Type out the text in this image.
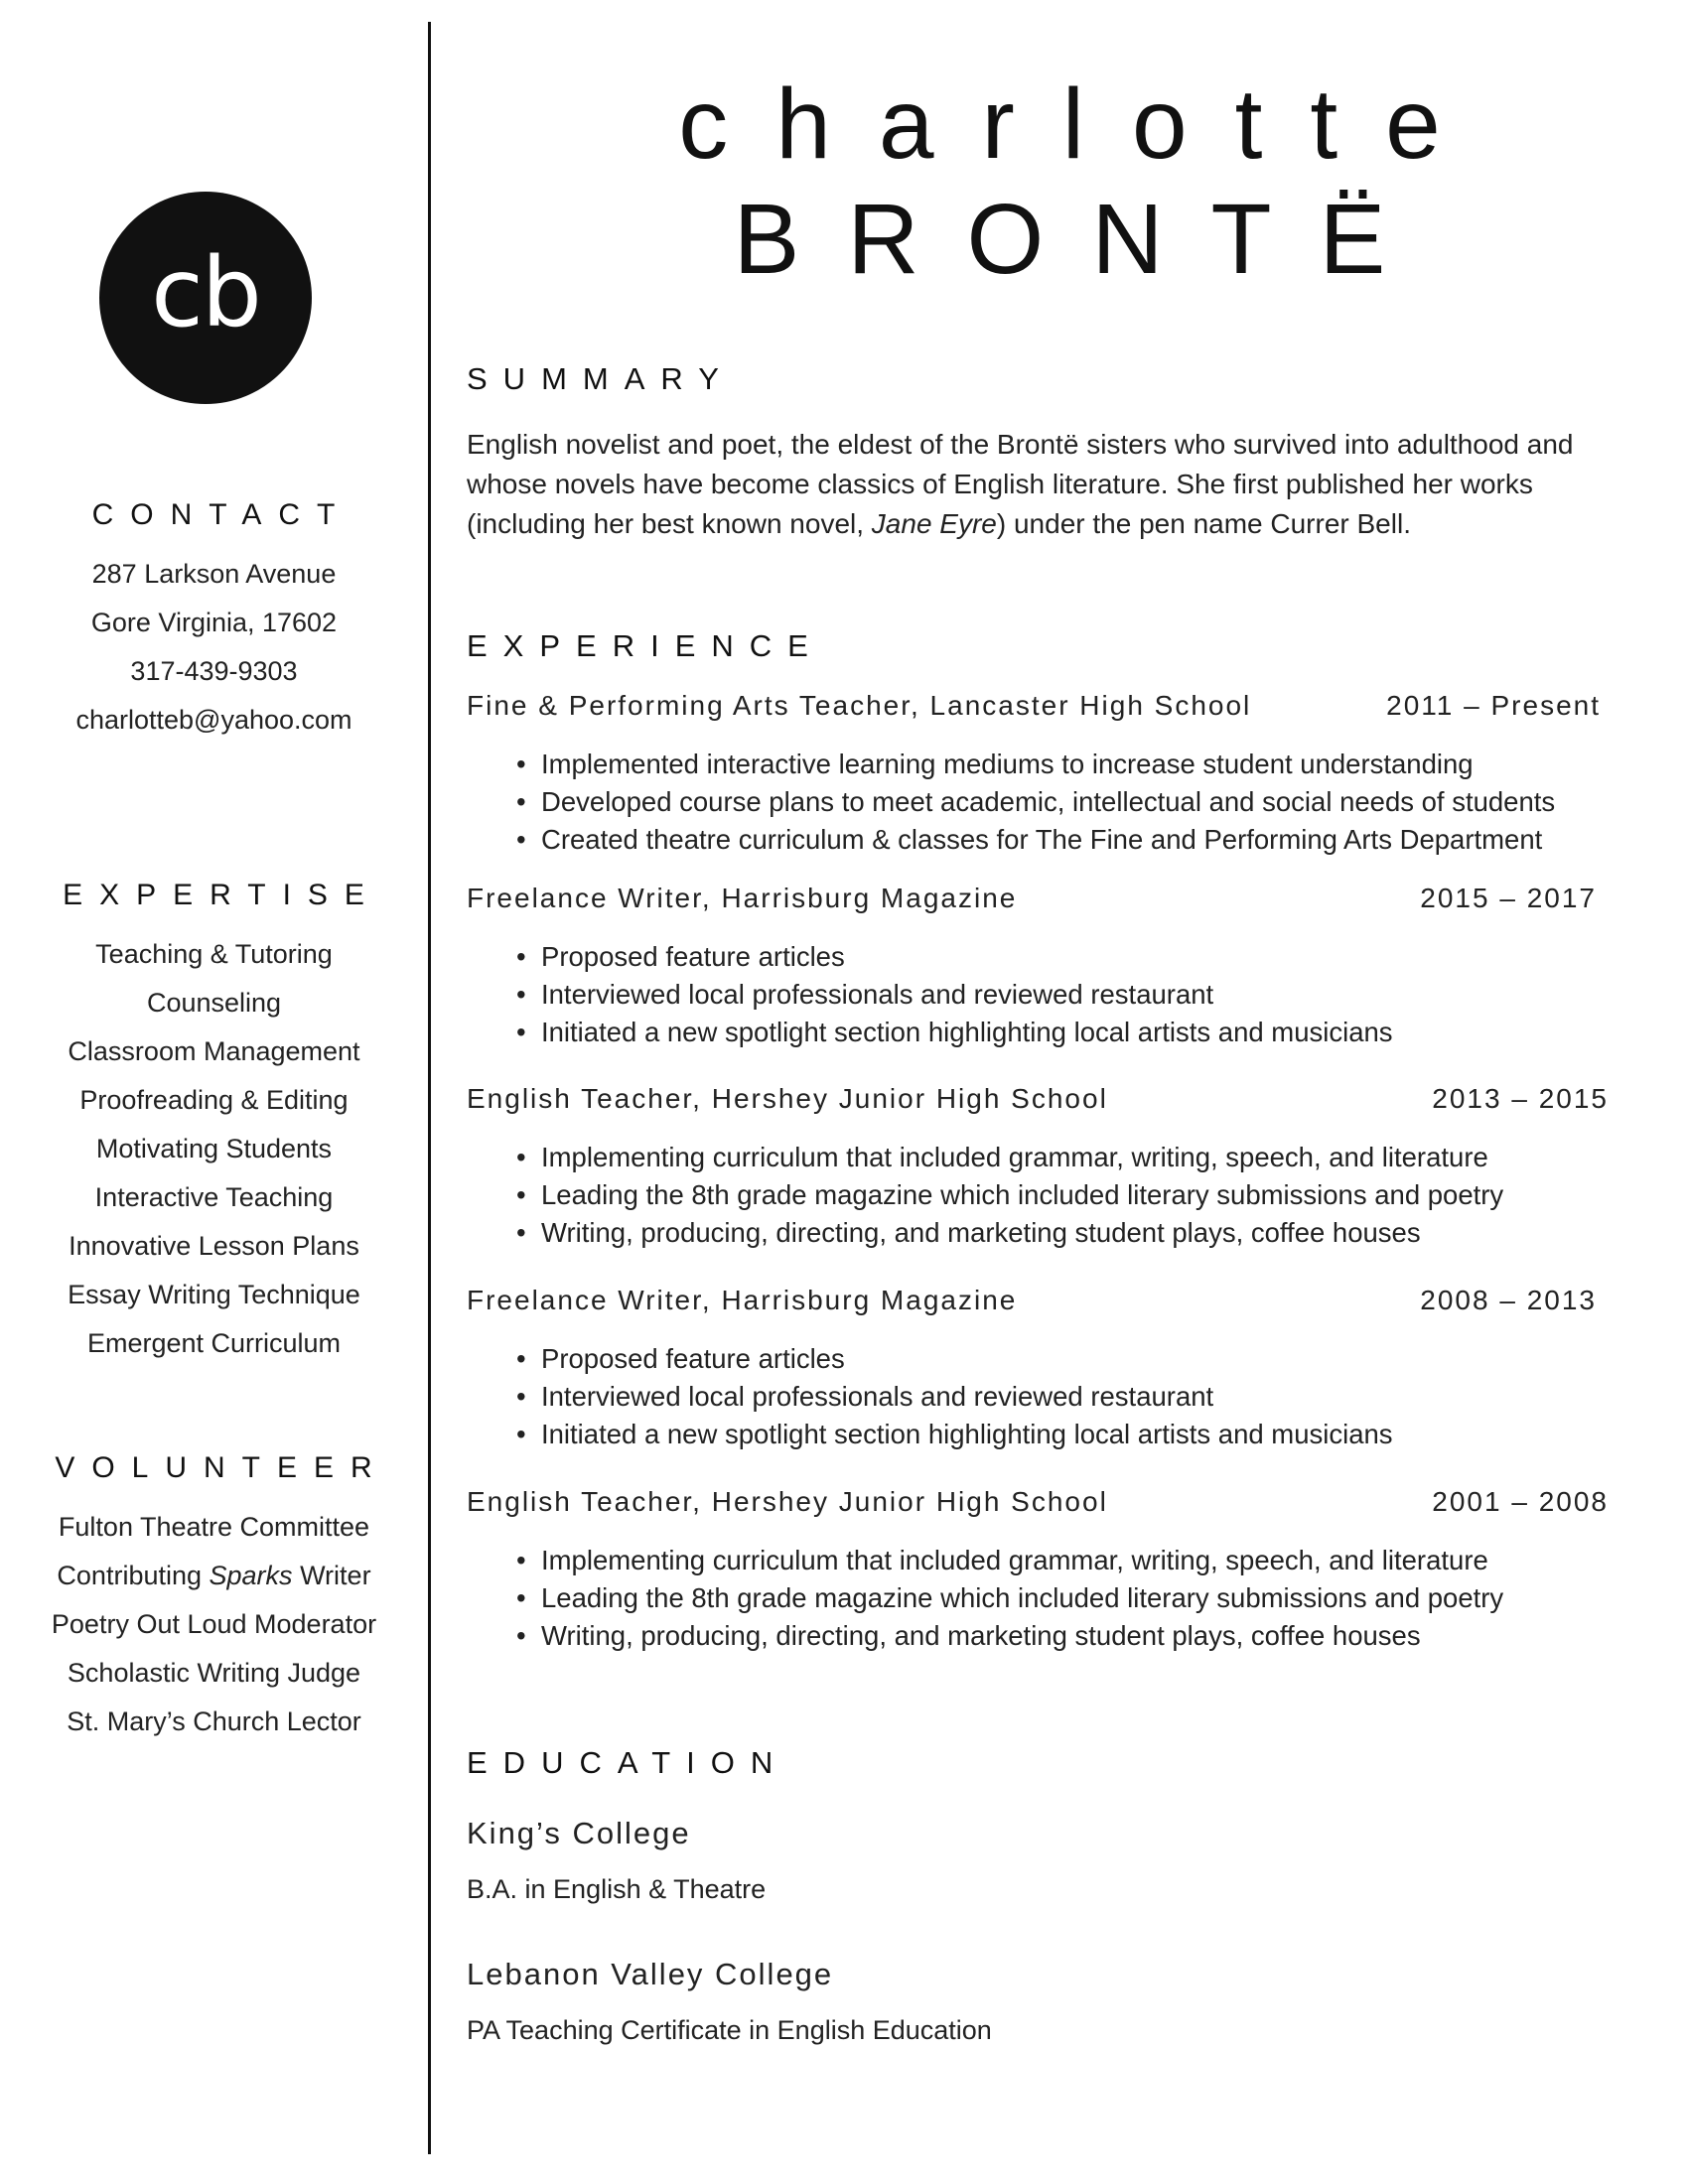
cb
CONTACT
287 Larkson Avenue
Gore Virginia, 17602
317-439-9303
charlotteb@yahoo.com
EXPERTISE
Teaching & Tutoring
Counseling
Classroom Management
Proofreading & Editing
Motivating Students
Interactive Teaching
Innovative Lesson Plans
Essay Writing Technique
Emergent Curriculum
VOLUNTEER
Fulton Theatre Committee
Contributing Sparks Writer
Poetry Out Loud Moderator
Scholastic Writing Judge
St. Mary’s Church Lector
charlotte
BRONTË
SUMMARY

English novelist and poet, the eldest of the Brontë sisters who survived into adulthood and whose novels have become classics of English literature. She first published her works (including her best known novel, Jane Eyre) under the pen name Currer Bell.

EXPERIENCE
Fine & Performing Arts Teacher, Lancaster High School	2011 – Present
• Implemented interactive learning mediums to increase student understanding
• Developed course plans to meet academic, intellectual and social needs of students
• Created theatre curriculum & classes for The Fine and Performing Arts Department
Freelance Writer, Harrisburg Magazine	2015 – 2017
• Proposed feature articles
• Interviewed local professionals and reviewed restaurant
• Initiated a new spotlight section highlighting local artists and musicians
English Teacher, Hershey Junior High School	2013 – 2015
• Implementing curriculum that included grammar, writing, speech, and literature
• Leading the 8th grade magazine which included literary submissions and poetry
• Writing, producing, directing, and marketing student plays, coffee houses
Freelance Writer, Harrisburg Magazine	2008 – 2013
• Proposed feature articles
• Interviewed local professionals and reviewed restaurant
• Initiated a new spotlight section highlighting local artists and musicians
English Teacher, Hershey Junior High School	2001 – 2008
• Implementing curriculum that included grammar, writing, speech, and literature
• Leading the 8th grade magazine which included literary submissions and poetry
• Writing, producing, directing, and marketing student plays, coffee houses
EDUCATION
King’s College
B.A. in English & Theatre
Lebanon Valley College
PA Teaching Certificate in English Education
